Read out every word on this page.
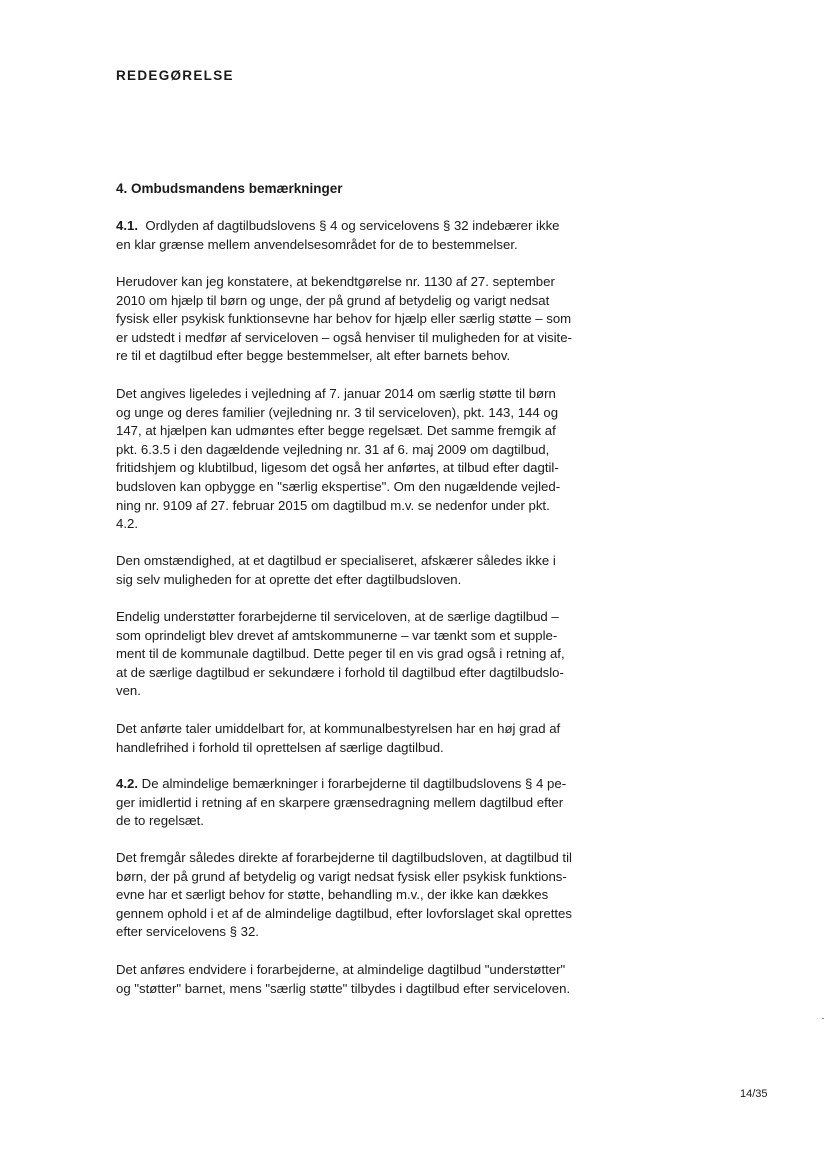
REDEGØRELSE
4. Ombudsmandens bemærkninger

4.1. Ordlyden af dagtilbudslovens § 4 og servicelovens § 32 indebærer ikke
en klar grænse mellem anvendelsesområdet for de to bestemmelser.

Herudover kan jeg konstatere, at bekendtgørelse nr. 1130 af 27. september
2010 om hjælp til børn og unge, der på grund af betydelig og varigt nedsat
fysisk eller psykisk funktionsevne har behov for hjælp eller særlig støtte – som
er udstedt i medfør af serviceloven – også henviser til muligheden for at visite-
re til et dagtilbud efter begge bestemmelser, alt efter barnets behov.

Det angives ligeledes i vejledning af 7. januar 2014 om særlig støtte til børn
og unge og deres familier (vejledning nr. 3 til serviceloven), pkt. 143, 144 og
147, at hjælpen kan udmøntes efter begge regelsæt. Det samme fremgik af
pkt. 6.3.5 i den dagældende vejledning nr. 31 af 6. maj 2009 om dagtilbud,
fritidshjem og klubtilbud, ligesom det også her anførtes, at tilbud efter dagtil-
budsloven kan opbygge en "særlig ekspertise". Om den nugældende vejled-
ning nr. 9109 af 27. februar 2015 om dagtilbud m.v. se nedenfor under pkt.
4.2.

Den omstændighed, at et dagtilbud er specialiseret, afskærer således ikke i
sig selv muligheden for at oprette det efter dagtilbudsloven.

Endelig understøtter forarbejderne til serviceloven, at de særlige dagtilbud –
som oprindeligt blev drevet af amtskommunerne – var tænkt som et supple-
ment til de kommunale dagtilbud. Dette peger til en vis grad også i retning af,
at de særlige dagtilbud er sekundære i forhold til dagtilbud efter dagtilbudslo-
ven.

Det anførte taler umiddelbart for, at kommunalbestyrelsen har en høj grad af
handlefrihed i forhold til oprettelsen af særlige dagtilbud.

4.2. De almindelige bemærkninger i forarbejderne til dagtilbudslovens § 4 pe-
ger imidlertid i retning af en skarpere grænsedragning mellem dagtilbud efter
de to regelsæt.

Det fremgår således direkte af forarbejderne til dagtilbudsloven, at dagtilbud til
børn, der på grund af betydelig og varigt nedsat fysisk eller psykisk funktions-
evne har et særligt behov for støtte, behandling m.v., der ikke kan dækkes
gennem ophold i et af de almindelige dagtilbud, efter lovforslaget skal oprettes
efter servicelovens § 32.

Det anføres endvidere i forarbejderne, at almindelige dagtilbud "understøtter"
og "støtter" barnet, mens "særlig støtte" tilbydes i dagtilbud efter serviceloven.

14/35
